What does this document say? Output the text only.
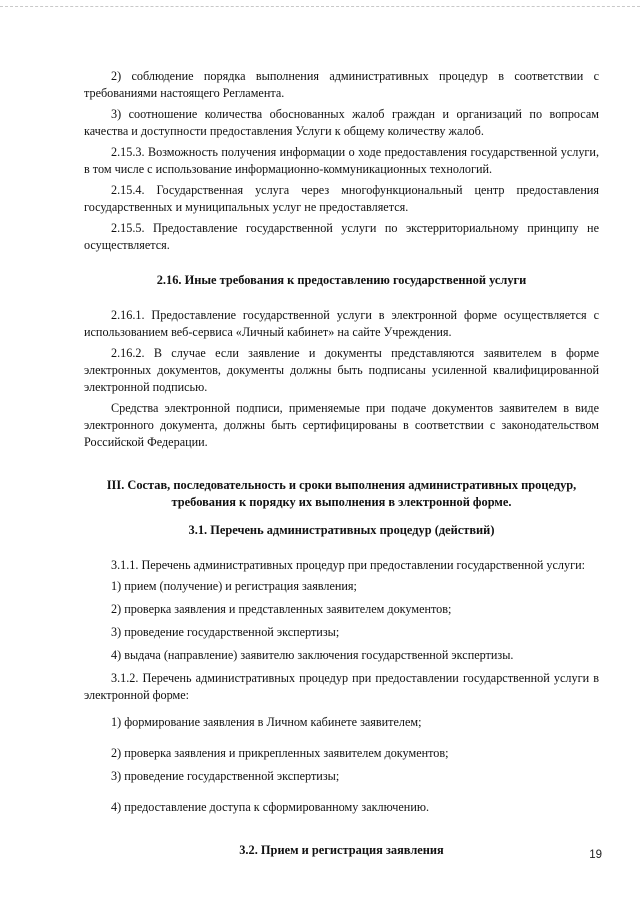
2) соблюдение порядка выполнения административных процедур в соответствии с требованиями настоящего Регламента.

3) соотношение количества обоснованных жалоб граждан и организаций по вопросам качества и доступности предоставления Услуги к общему количеству жалоб.

2.15.3. Возможность получения информации о ходе предоставления государственной услуги, в том числе с использование информационно-коммуникационных технологий.

2.15.4. Государственная услуга через многофункциональный центр предоставления государственных и муниципальных услуг не предоставляется.

2.15.5. Предоставление государственной услуги по экстерриториальному принципу не осуществляется.

2.16. Иные требования к предоставлению государственной услуги

2.16.1. Предоставление государственной услуги в электронной форме осуществляется с использованием веб-сервиса «Личный кабинет» на сайте Учреждения.

2.16.2. В случае если заявление и документы представляются заявителем в форме электронных документов, документы должны быть подписаны усиленной квалифицированной электронной подписью.

Средства электронной подписи, применяемые при подаче документов заявителем в виде электронного документа, должны быть сертифицированы в соответствии с законодательством Российской Федерации.

III. Состав, последовательность и сроки выполнения административных процедур,

требования к порядку их выполнения в электронной форме.

3.1. Перечень административных процедур (действий)

3.1.1. Перечень административных процедур при предоставлении государственной услуги:

1) прием (получение) и регистрация заявления;

2) проверка заявления и представленных заявителем документов;

3) проведение государственной экспертизы;

4) выдача (направление) заявителю заключения государственной экспертизы.

3.1.2. Перечень административных процедур при предоставлении государственной услуги в электронной форме:

1) формирование заявления в Личном кабинете заявителем;

2) проверка заявления и прикрепленных заявителем документов;

3) проведение государственной экспертизы;

4) предоставление доступа к сформированному заключению.

3.2. Прием и регистрация заявления	19
